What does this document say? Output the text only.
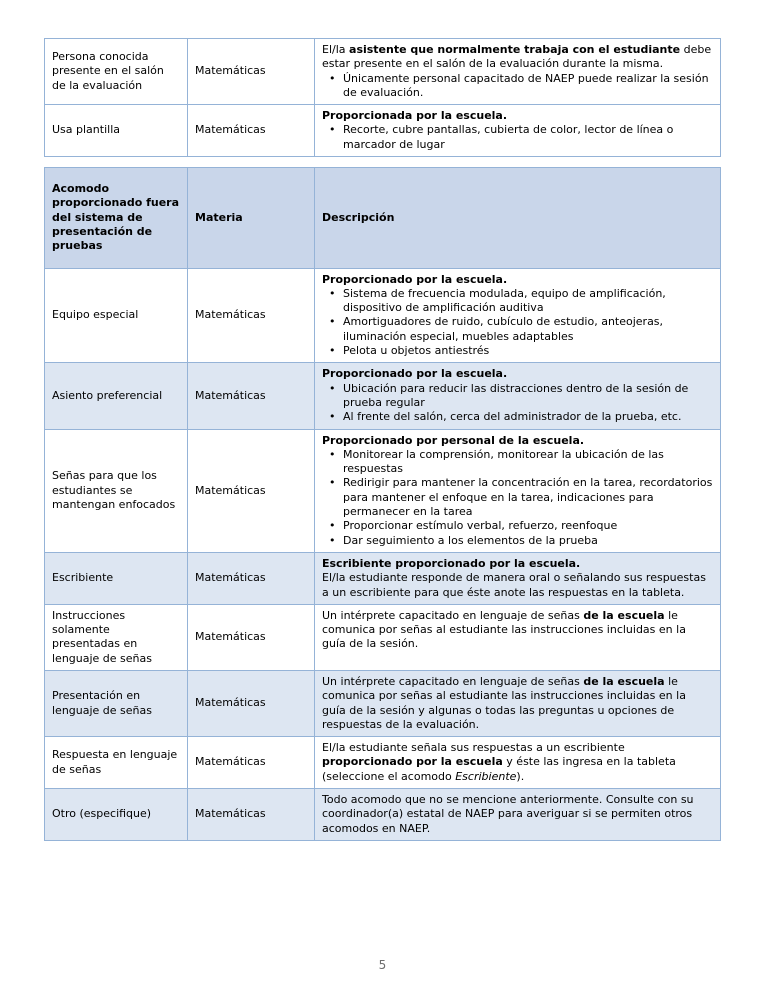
Persona conocida presente en el salón de la evaluación	Matemáticas	El/la asistente que normalmente trabaja con el estudiante debe estar presente en el salón de la evaluación durante la misma.
• Únicamente personal capacitado de NAEP puede realizar la sesión de evaluación.

Usa plantilla	Matemáticas	Proporcionada por la escuela.
• Recorte, cubre pantallas, cubierta de color, lector de línea o marcador de lugar
Acomodo proporcionado fuera del sistema de presentación de pruebas	Materia	Descripción
Equipo especial	Matemáticas	Proporcionado por la escuela.
• Sistema de frecuencia modulada, equipo de amplificación, dispositivo de amplificación auditiva
• Amortiguadores de ruido, cubículo de estudio, anteojeras, iluminación especial, muebles adaptables
• Pelota u objetos antiestrés

Asiento preferencial	Matemáticas	Proporcionado por la escuela.
• Ubicación para reducir las distracciones dentro de la sesión de prueba regular
• Al frente del salón, cerca del administrador de la prueba, etc.

Señas para que los estudiantes se mantengan enfocados	Matemáticas	Proporcionado por personal de la escuela.
• Monitorear la comprensión, monitorear la ubicación de las respuestas
• Redirigir para mantener la concentración en la tarea, recordatorios para mantener el enfoque en la tarea, indicaciones para permanecer en la tarea
• Proporcionar estímulo verbal, refuerzo, reenfoque
• Dar seguimiento a los elementos de la prueba

Escribiente	Matemáticas	Escribiente proporcionado por la escuela.
El/la estudiante responde de manera oral o señalando sus respuestas a un escribiente para que éste anote las respuestas en la tableta.

Instrucciones solamente presentadas en lenguaje de señas	Matemáticas	Un intérprete capacitado en lenguaje de señas de la escuela le comunica por señas al estudiante las instrucciones incluidas en la guía de la sesión.

Presentación en lenguaje de señas	Matemáticas	Un intérprete capacitado en lenguaje de señas de la escuela le comunica por señas al estudiante las instrucciones incluidas en la guía de la sesión y algunas o todas las preguntas u opciones de respuestas de la evaluación.

Respuesta en lenguaje de señas	Matemáticas	El/la estudiante señala sus respuestas a un escribiente proporcionado por la escuela y éste las ingresa en la tableta (seleccione el acomodo Escribiente).

Otro (especifique)	Matemáticas	Todo acomodo que no se mencione anteriormente. Consulte con su coordinador(a) estatal de NAEP para averiguar si se permiten otros acomodos en NAEP.
5
